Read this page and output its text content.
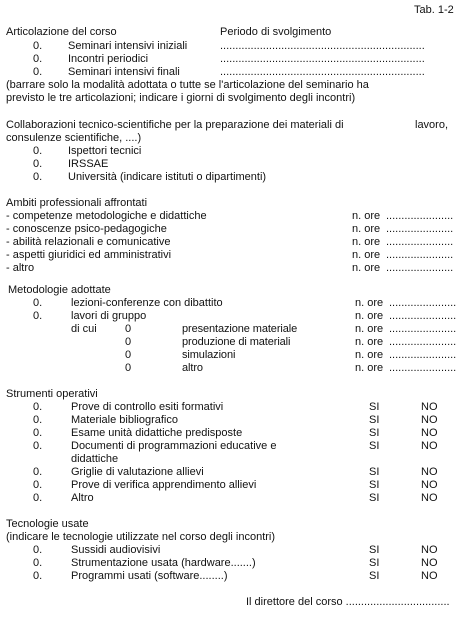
Tab. 1-2
Articolazione del corso	Periodo di svolgimento
0. Seminari intensivi iniziali	...................................................................
0. Incontri periodici	...................................................................
0. Seminari intensivi finali	...................................................................
(barrare solo la modalità adottata o tutte se l'articolazione del seminario ha
previsto le tre articolazioni; indicare i giorni di svolgimento degli incontri)
Collaborazioni tecnico-scientifiche per la preparazione dei materiali di	lavoro,
consulenze scientifiche, ....)
0. Ispettori tecnici
0. IRSSAE
0. Università (indicare istituti o dipartimenti)
Ambiti professionali affrontati
- competenze metodologiche e didattiche	n. ore ......................
- conoscenze psico-pedagogiche	n. ore ......................
- abilità relazionali e comunicative	n. ore ......................
- aspetti giuridici ed amministrativi	n. ore ......................
- altro	n. ore ......................
Metodologie adottate
0.	lezioni-conferenze con dibattito	n. ore ......................
0.	lavori di gruppo	n. ore ......................
di cui	0	presentazione materiale	n. ore ......................
0	produzione di materiali	n. ore ......................
0	simulazioni	n. ore ......................
0	altro	n. ore ......................
Strumenti operativi
0.	Prove di controllo esiti formativi	SI	NO
0.	Materiale bibliografico	SI	NO
0.	Esame unità didattiche predisposte	SI	NO
0.	Documenti di programmazioni educative e
didattiche
SI	NO
0.	Griglie di valutazione allievi	SI	NO
0.	Prove di verifica apprendimento allievi	SI	NO
0.	Altro	SI	NO
Tecnologie usate
(indicare le tecnologie utilizzate nel corso degli incontri)
0.	Sussidi audiovisivi	SI	NO
0.	Strumentazione usata (hardware.......)	SI	NO
0.	Programmi usati (software........)	SI	NO
Il direttore del corso ..................................
